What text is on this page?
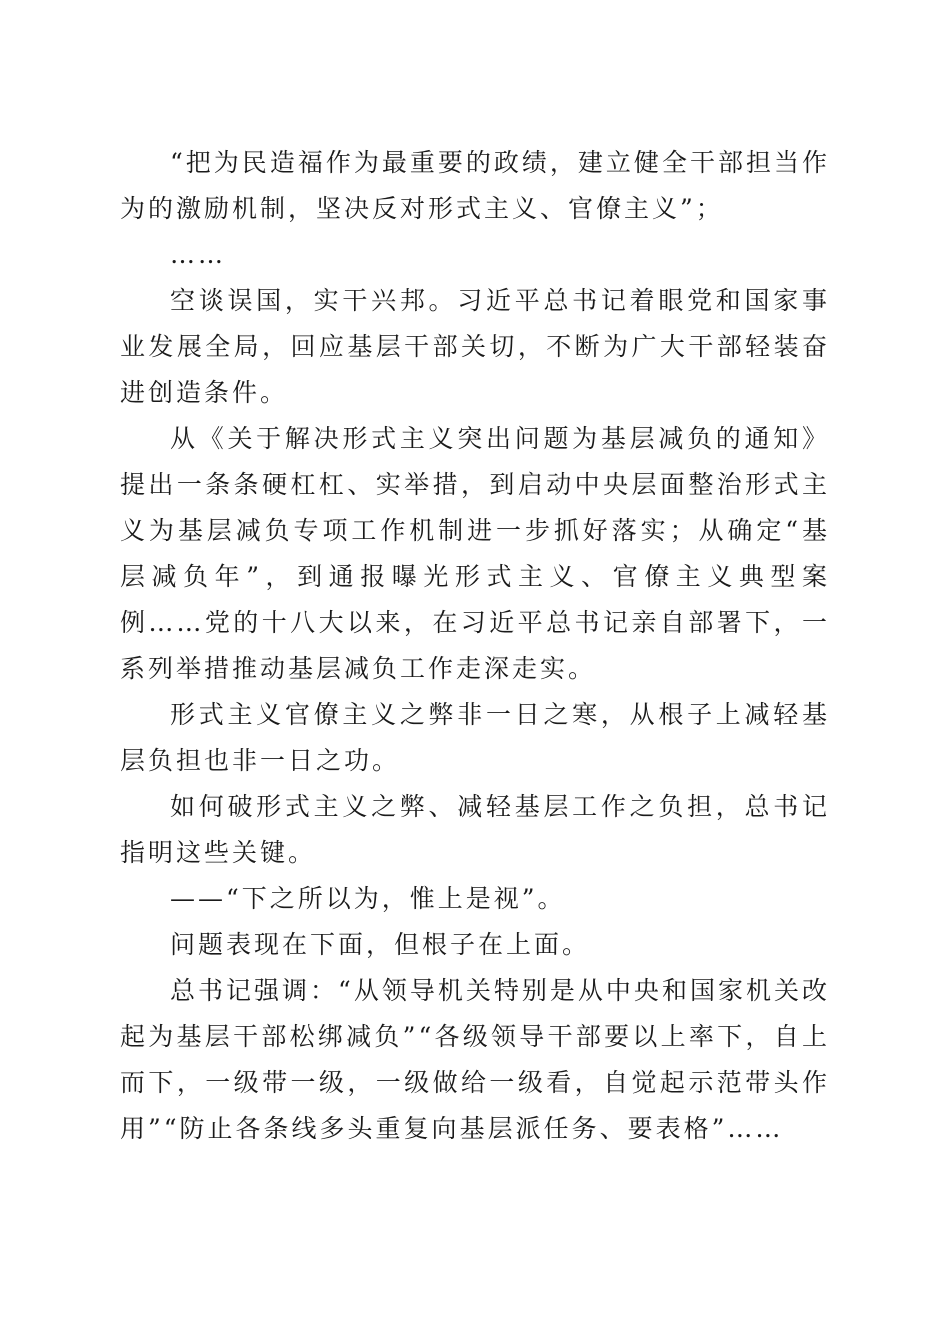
“把为民造福作为最重要的政绩，建立健全干部担当作为的激励机制，坚决反对形式主义、官僚主义”；

……

空谈误国，实干兴邦。习近平总书记着眼党和国家事业发展全局，回应基层干部关切，不断为广大干部轻装奋进创造条件。

从《关于解决形式主义突出问题为基层减负的通知》提出一条条硬杠杠、实举措，到启动中央层面整治形式主义为基层减负专项工作机制进一步抓好落实；从确定“基层减负年”，到通报曝光形式主义、官僚主义典型案例……党的十八大以来，在习近平总书记亲自部署下，一系列举措推动基层减负工作走深走实。

形式主义官僚主义之弊非一日之寒，从根子上减轻基层负担也非一日之功。

如何破形式主义之弊、减轻基层工作之负担，总书记指明这些关键。

——“下之所以为，惟上是视”。

问题表现在下面，但根子在上面。

总书记强调：“从领导机关特别是从中央和国家机关改起为基层干部松绑减负”“各级领导干部要以上率下，自上而下，一级带一级，一级做给一级看，自觉起示范带头作用”“防止各条线多头重复向基层派任务、要表格”……
